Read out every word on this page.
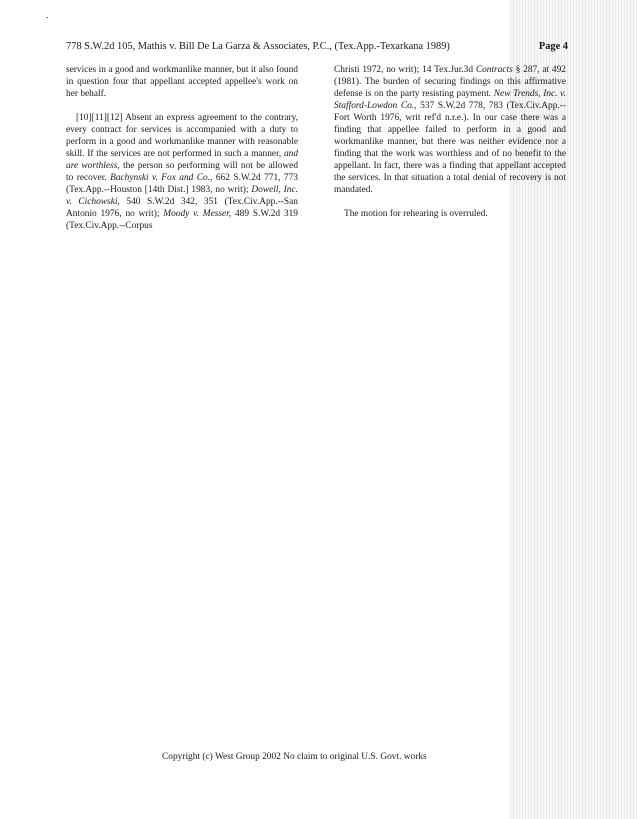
778 S.W.2d 105, Mathis v. Bill De La Garza & Associates, P.C., (Tex.App.-Texarkana 1989)	Page 4

services in a good and workmanlike manner, but it also found in question four that appellant accepted appellee's work on her behalf.

[10][11][12] Absent an express agreement to the contrary, every contract for services is accompanied with a duty to perform in a good and workmanlike manner with reasonable skill. If the services are not performed in such a manner, and are worthless, the person so performing will not be allowed to recover. Bachynski v. Fox and Co., 662 S.W.2d 771, 773 (Tex.App.--Houston [14th Dist.] 1983, no writ); Dowell, Inc. v. Cichowski, 540 S.W.2d 342, 351 (Tex.Civ.App.--San Antonio 1976, no writ); Moody v. Messer, 489 S.W.2d 319 (Tex.Civ.App.--Corpus

Christi 1972, no writ); 14 Tex.Jur.3d Contracts § 287, at 492 (1981). The burden of securing findings on this affirmative defense is on the party resisting payment. New Trends, Inc. v. Stafford-Lowdon Co., 537 S.W.2d 778, 783 (Tex.Civ.App.--Fort Worth 1976, writ ref'd n.r.e.). In our case there was a finding that appellee failed to perform in a good and workmanlike manner, but there was neither evidence nor a finding that the work was worthless and of no benefit to the appellant. In fact, there was a finding that appellant accepted the services. In that situation a total denial of recovery is not mandated.

The motion for rehearing is overruled.

Copyright (c) West Group 2002 No claim to original U.S. Govt. works
